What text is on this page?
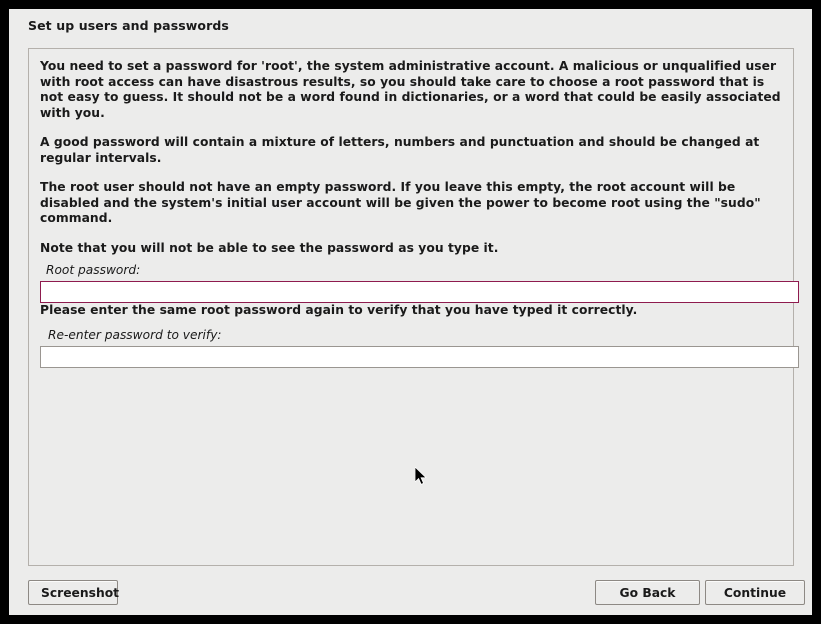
Set up users and passwords

You need to set a password for 'root', the system administrative account. A malicious or unqualified user with root access can have disastrous results, so you should take care to choose a root password that is not easy to guess. It should not be a word found in dictionaries, or a word that could be easily associated with you.

A good password will contain a mixture of letters, numbers and punctuation and should be changed at regular intervals.

The root user should not have an empty password. If you leave this empty, the root account will be disabled and the system's initial user account will be given the power to become root using the "sudo" command.

Note that you will not be able to see the password as you type it.

Root password:

Please enter the same root password again to verify that you have typed it correctly.

Re-enter password to verify:
Screenshot	Go Back	Continue
